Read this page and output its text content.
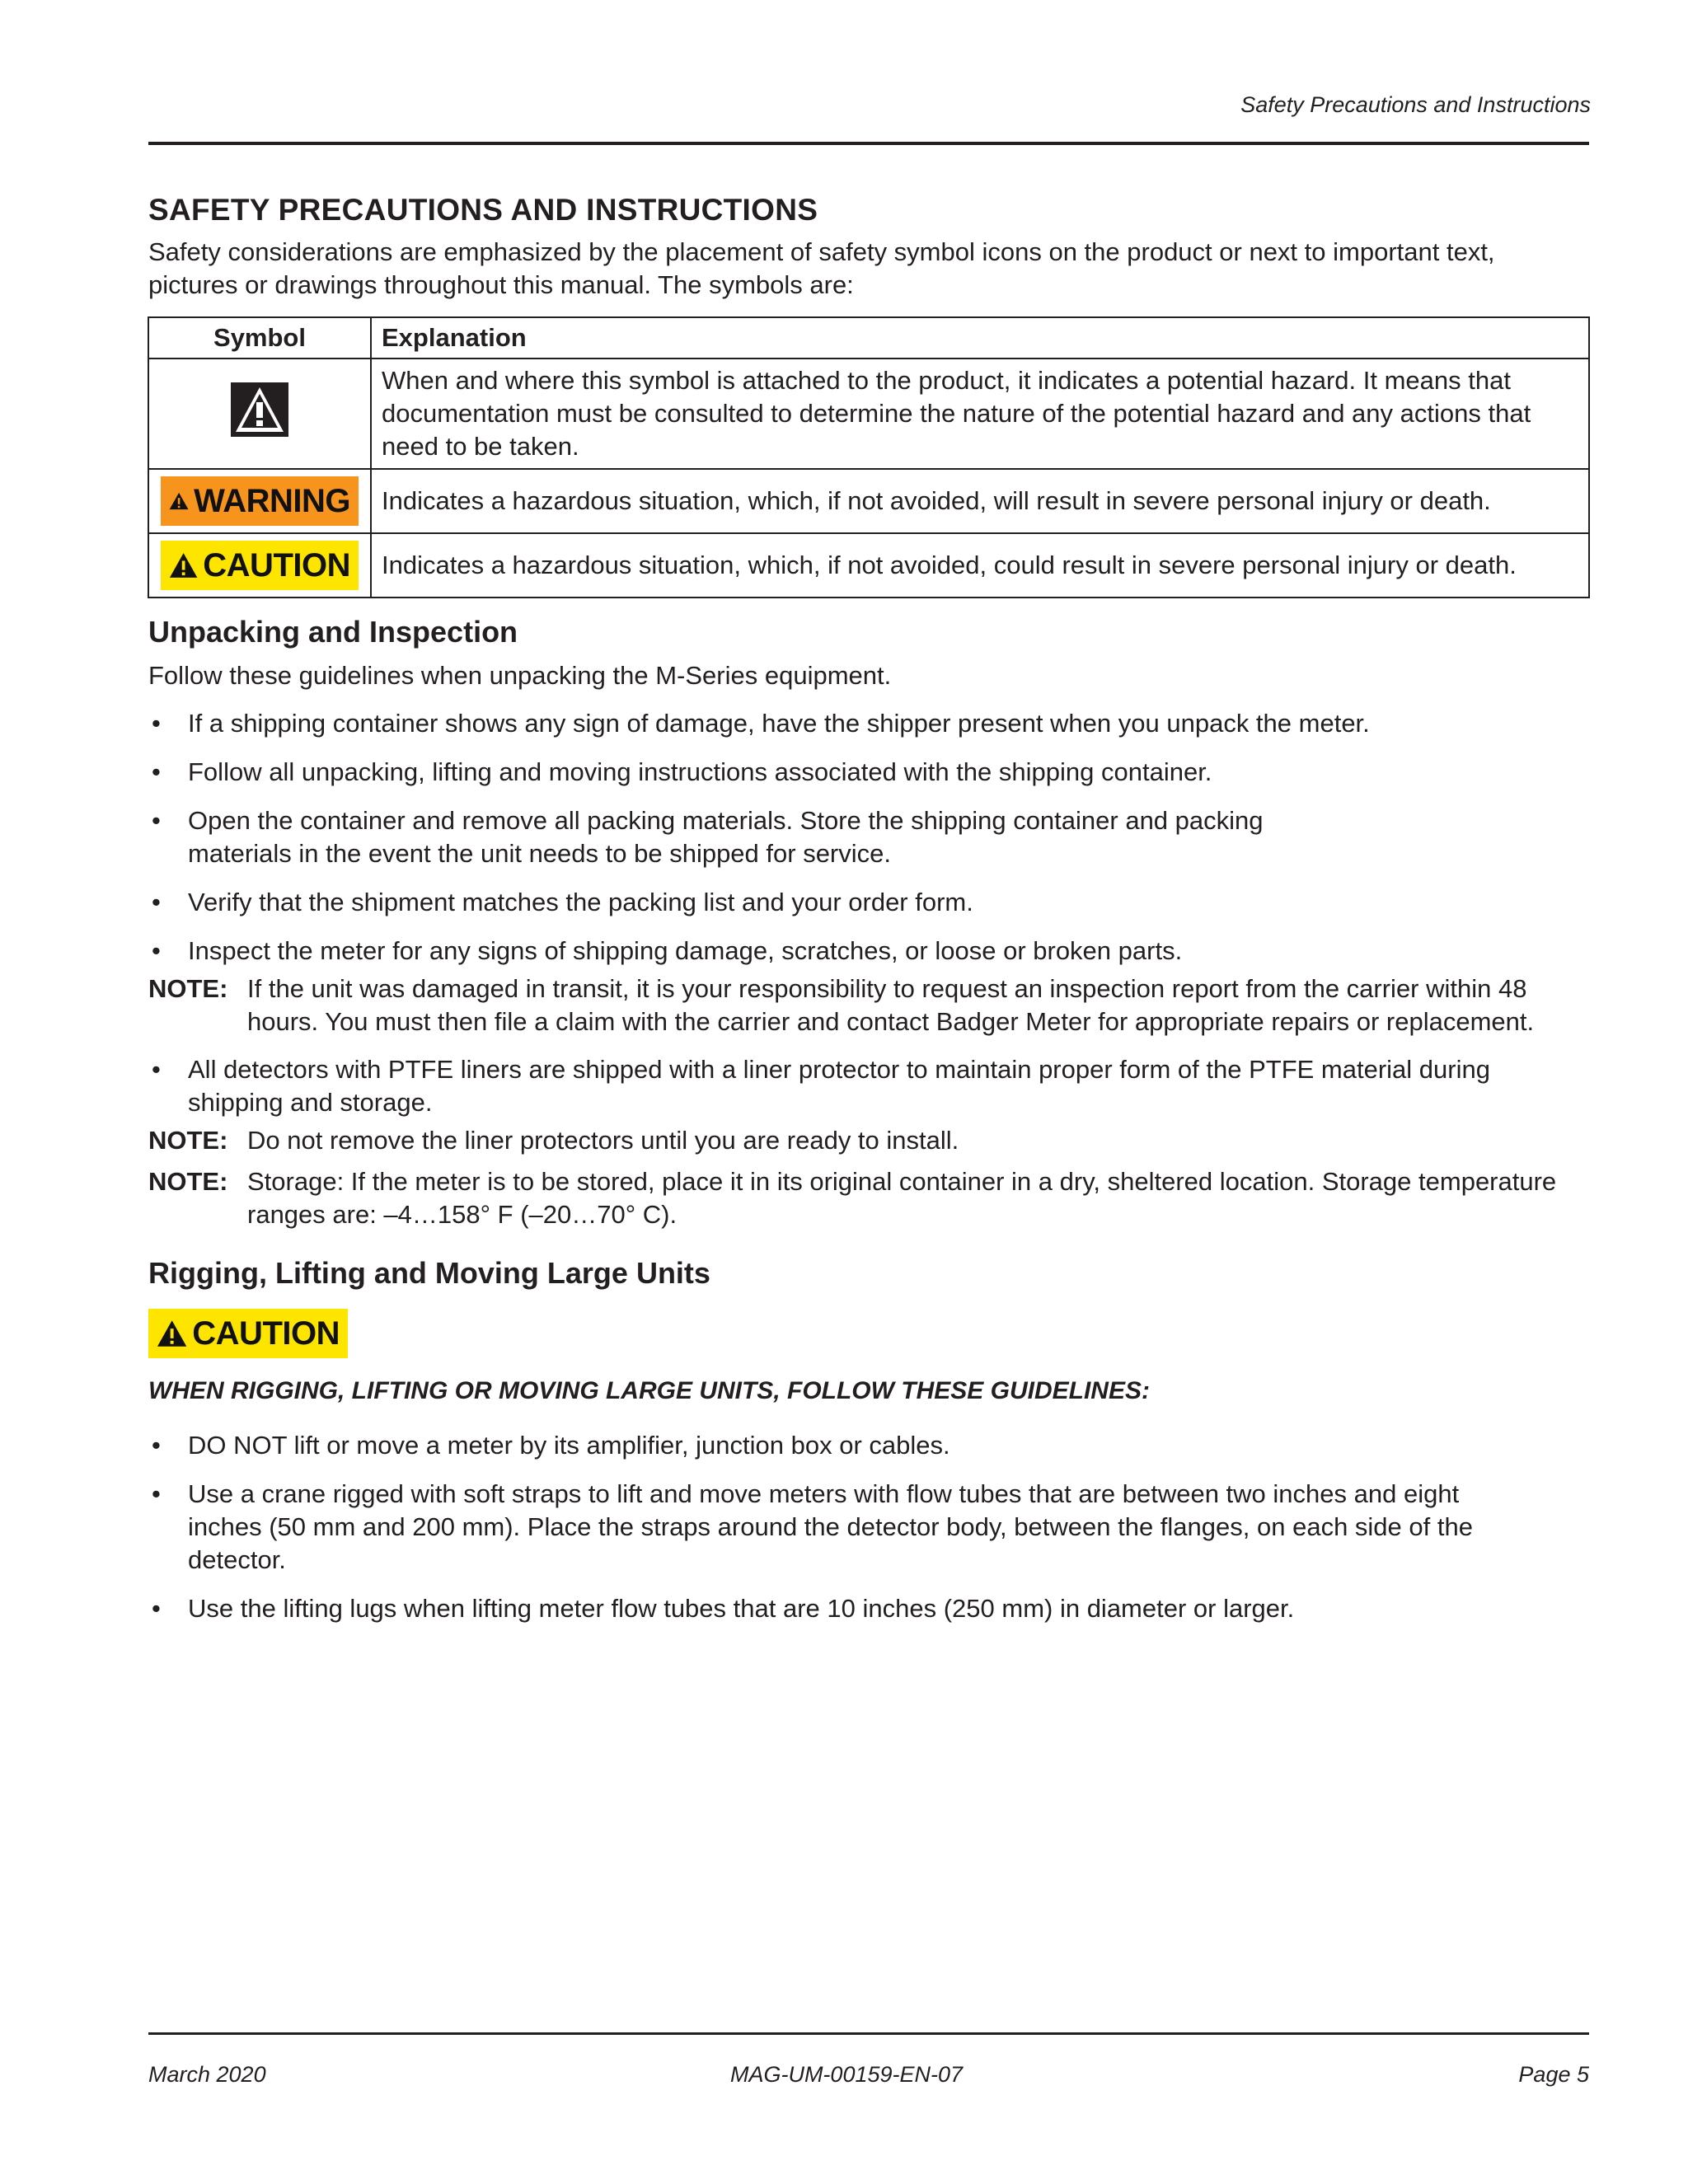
Safety Precautions and Instructions
SAFETY PRECAUTIONS AND INSTRUCTIONS

Safety considerations are emphasized by the placement of safety symbol icons on the product or next to important text, pictures or drawings throughout this manual. The symbols are:

Symbol	Explanation
	When and where this symbol is attached to the product, it indicates a potential hazard. It means that documentation must be consulted to determine the nature of the potential hazard and any actions that need to be taken.

WARNING	Indicates a hazardous situation, which, if not avoided, will result in severe personal injury or death.

CAUTION	Indicates a hazardous situation, which, if not avoided, could result in severe personal injury or death.
Unpacking and Inspection

Follow these guidelines when unpacking the M-Series equipment.

• If a shipping container shows any sign of damage, have the shipper present when you unpack the meter.
• Follow all unpacking, lifting and moving instructions associated with the shipping container.
• Open the container and remove all packing materials. Store the shipping container and packing materials in the event the unit needs to be shipped for service.
• Verify that the shipment matches the packing list and your order form.
• Inspect the meter for any signs of shipping damage, scratches, or loose or broken parts.
NOTE: If the unit was damaged in transit, it is your responsibility to request an inspection report from the carrier within 48 hours. You must then file a claim with the carrier and contact Badger Meter for appropriate repairs or replacement.
• All detectors with PTFE liners are shipped with a liner protector to maintain proper form of the PTFE material during shipping and storage.
NOTE: Do not remove the liner protectors until you are ready to install.
NOTE: Storage: If the meter is to be stored, place it in its original container in a dry, sheltered location. Storage temperature ranges are: –4…158° F (–20…70° C).
Rigging, Lifting and Moving Large Units
CAUTION
WHEN RIGGING, LIFTING OR MOVING LARGE UNITS, FOLLOW THESE GUIDELINES:
• DO NOT lift or move a meter by its amplifier, junction box or cables.
• Use a crane rigged with soft straps to lift and move meters with flow tubes that are between two inches and eight inches (50 mm and 200 mm). Place the straps around the detector body, between the flanges, on each side of the detector.
• Use the lifting lugs when lifting meter flow tubes that are 10 inches (250 mm) in diameter or larger.
March 2020	MAG-UM-00159-EN-07	Page 5
